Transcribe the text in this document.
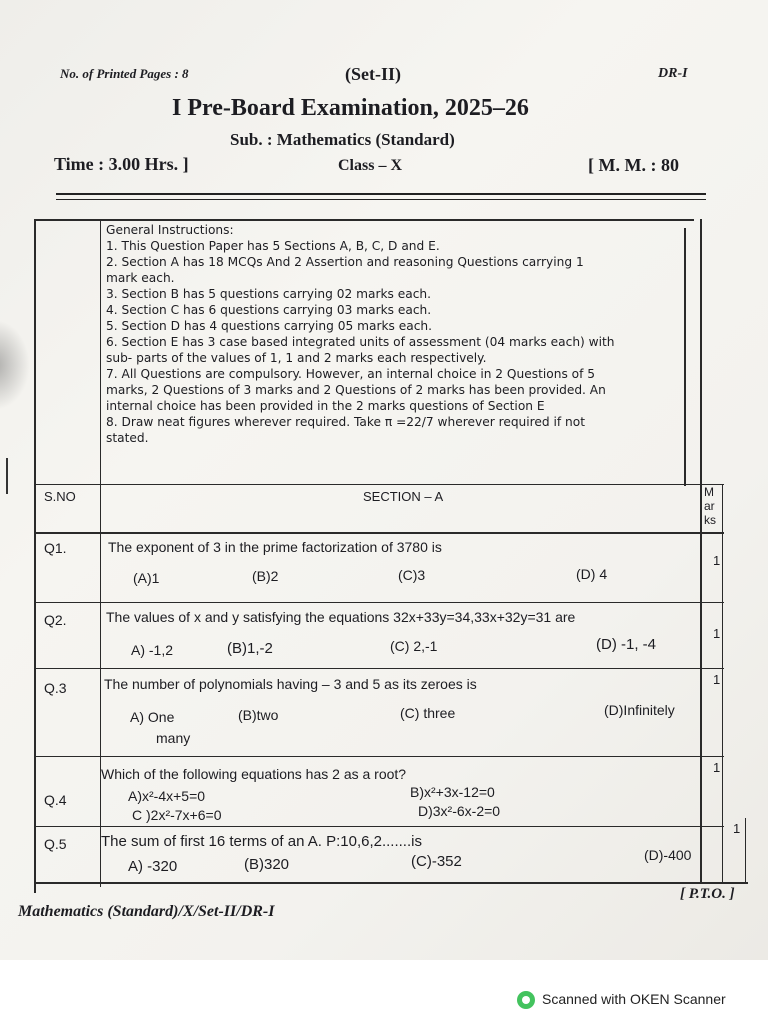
No. of Printed Pages : 8	(Set-II)	DR-I
I Pre-Board Examination, 2025–26
Sub. : Mathematics (Standard)
Time : 3.00 Hrs. ]	Class – X	[ M. M. : 80
General Instructions:
1. This Question Paper has 5 Sections A, B, C, D and E.
2. Section A has 18 MCQs And 2 Assertion and reasoning Questions carrying 1
mark each.
3. Section B has 5 questions carrying 02 marks each.
4. Section C has 6 questions carrying 03 marks each.
5. Section D has 4 questions carrying 05 marks each.
6. Section E has 3 case based integrated units of assessment (04 marks each) with
sub- parts of the values of 1, 1 and 2 marks each respectively.
7. All Questions are compulsory. However, an internal choice in 2 Questions of 5
marks, 2 Questions of 3 marks and 2 Questions of 2 marks has been provided. An
internal choice has been provided in the 2 marks questions of Section E
8. Draw neat figures wherever required. Take π =22/7 wherever required if not
stated.
S.NO	SECTION – A	M
ar
ks
Q1.	The exponent of 3 in the prime factorization of 3780 is
(A)1	(B)2	(C)3	(D) 4
1
Q2.	The values of x and y satisfying the equations 32x+33y=34,33x+32y=31 are
A) -1,2	(B)1,-2	(C) 2,-1	(D) -1, -4
1
Q.3	The number of polynomials having – 3 and 5 as its zeroes is
A) One
many
(B)two	(C) three	(D)Infinitely
1
Q.4
Which of the following equations has 2 as a root?
A)x²-4x+5=0	B)x²+3x-12=0
C )2x²-7x+6=0	D)3x²-6x-2=0
1
Q.5 The sum of first 16 terms of an A. P:10,6,2.......is
A) -320	(B)320	(C)-352	(D)-400
1
Mathematics (Standard)/X/Set-II/DR-I
[ P.T.O. ]
Scanned with OKEN Scanner
